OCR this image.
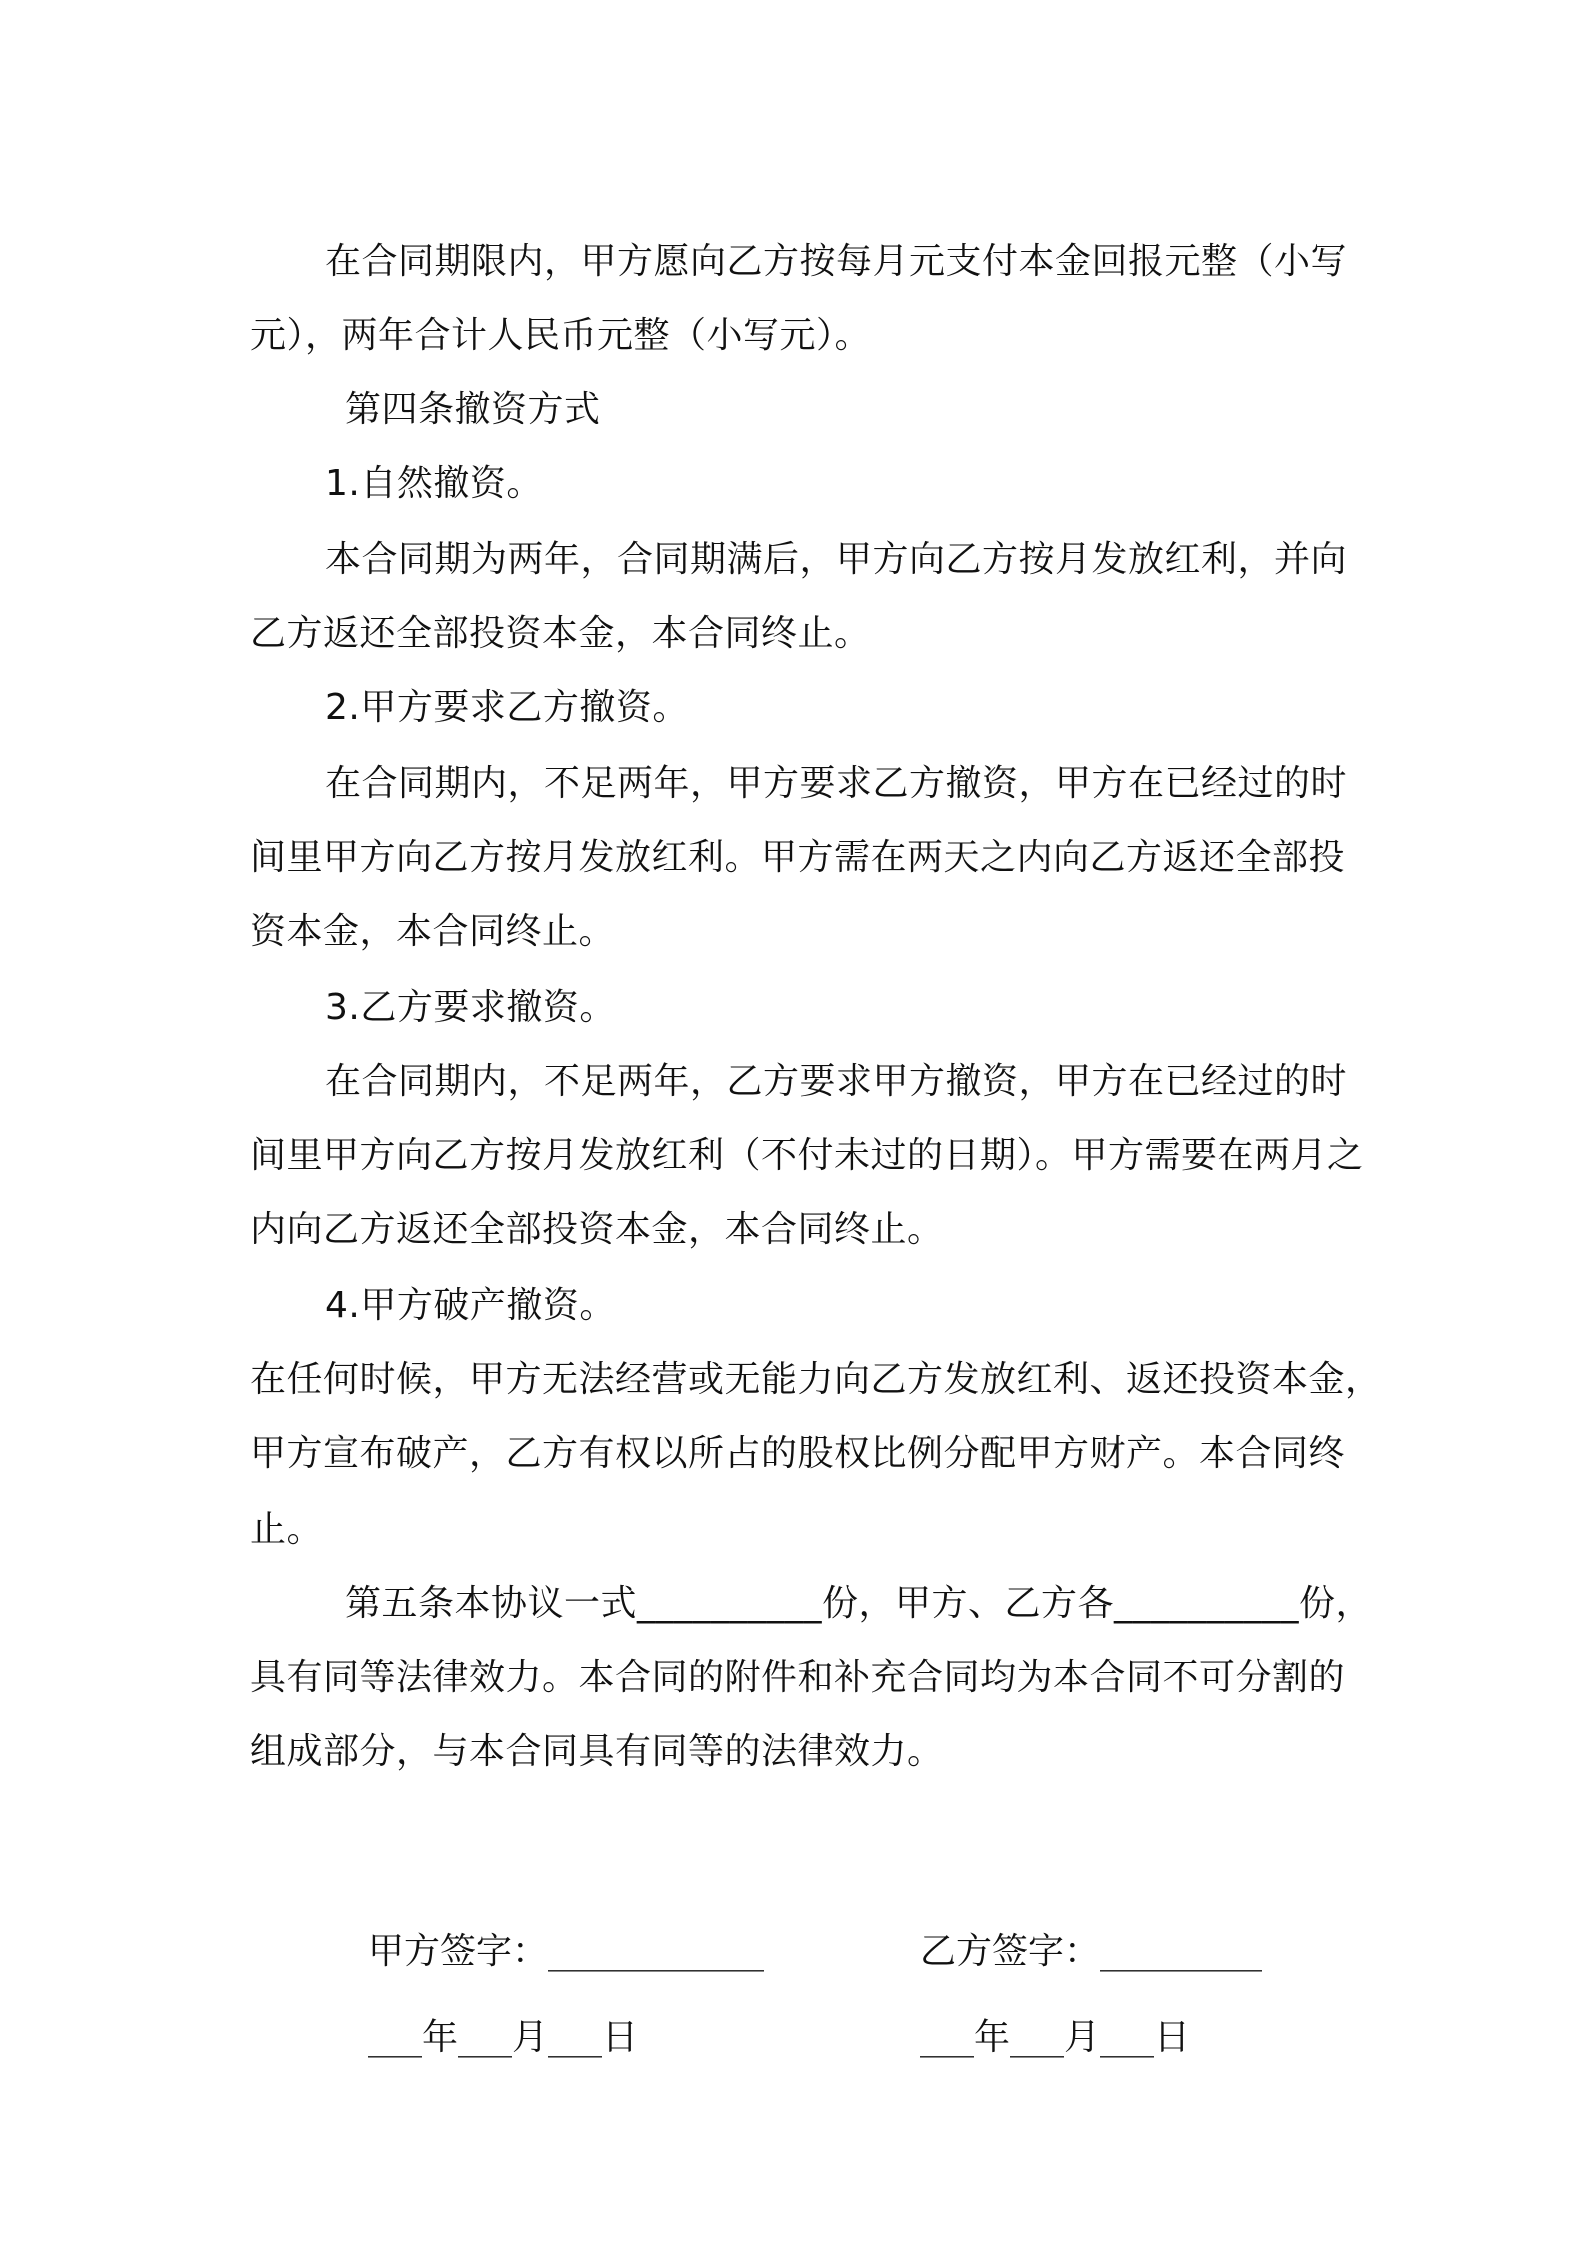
在合同期限内，甲方愿向乙方按每月元支付本金回报元整（小写
元），两年合计人民币元整（小写元）。
第四条撤资方式
1.自然撤资。
本合同期为两年，合同期满后，甲方向乙方按月发放红利，并向
乙方返还全部投资本金，本合同终止。
2.甲方要求乙方撤资。
在合同期内，不足两年，甲方要求乙方撤资，甲方在已经过的时
间里甲方向乙方按月发放红利。甲方需在两天之内向乙方返还全部投
资本金，本合同终止。
3.乙方要求撤资。
在合同期内，不足两年，乙方要求甲方撤资，甲方在已经过的时
间里甲方向乙方按月发放红利（不付未过的日期）。甲方需要在两月之
内向乙方返还全部投资本金，本合同终止。
4.甲方破产撤资。
在任何时候，甲方无法经营或无能力向乙方发放红利、返还投资本金，
甲方宣布破产，乙方有权以所占的股权比例分配甲方财产。本合同终
止。
第五条本协议一式__________份，甲方、乙方各__________份，
具有同等法律效力。本合同的附件和补充合同均为本合同不可分割的
组成部分，与本合同具有同等的法律效力。
甲方签字：____________	乙方签字：_________
___年___月___日	___年___月___日
